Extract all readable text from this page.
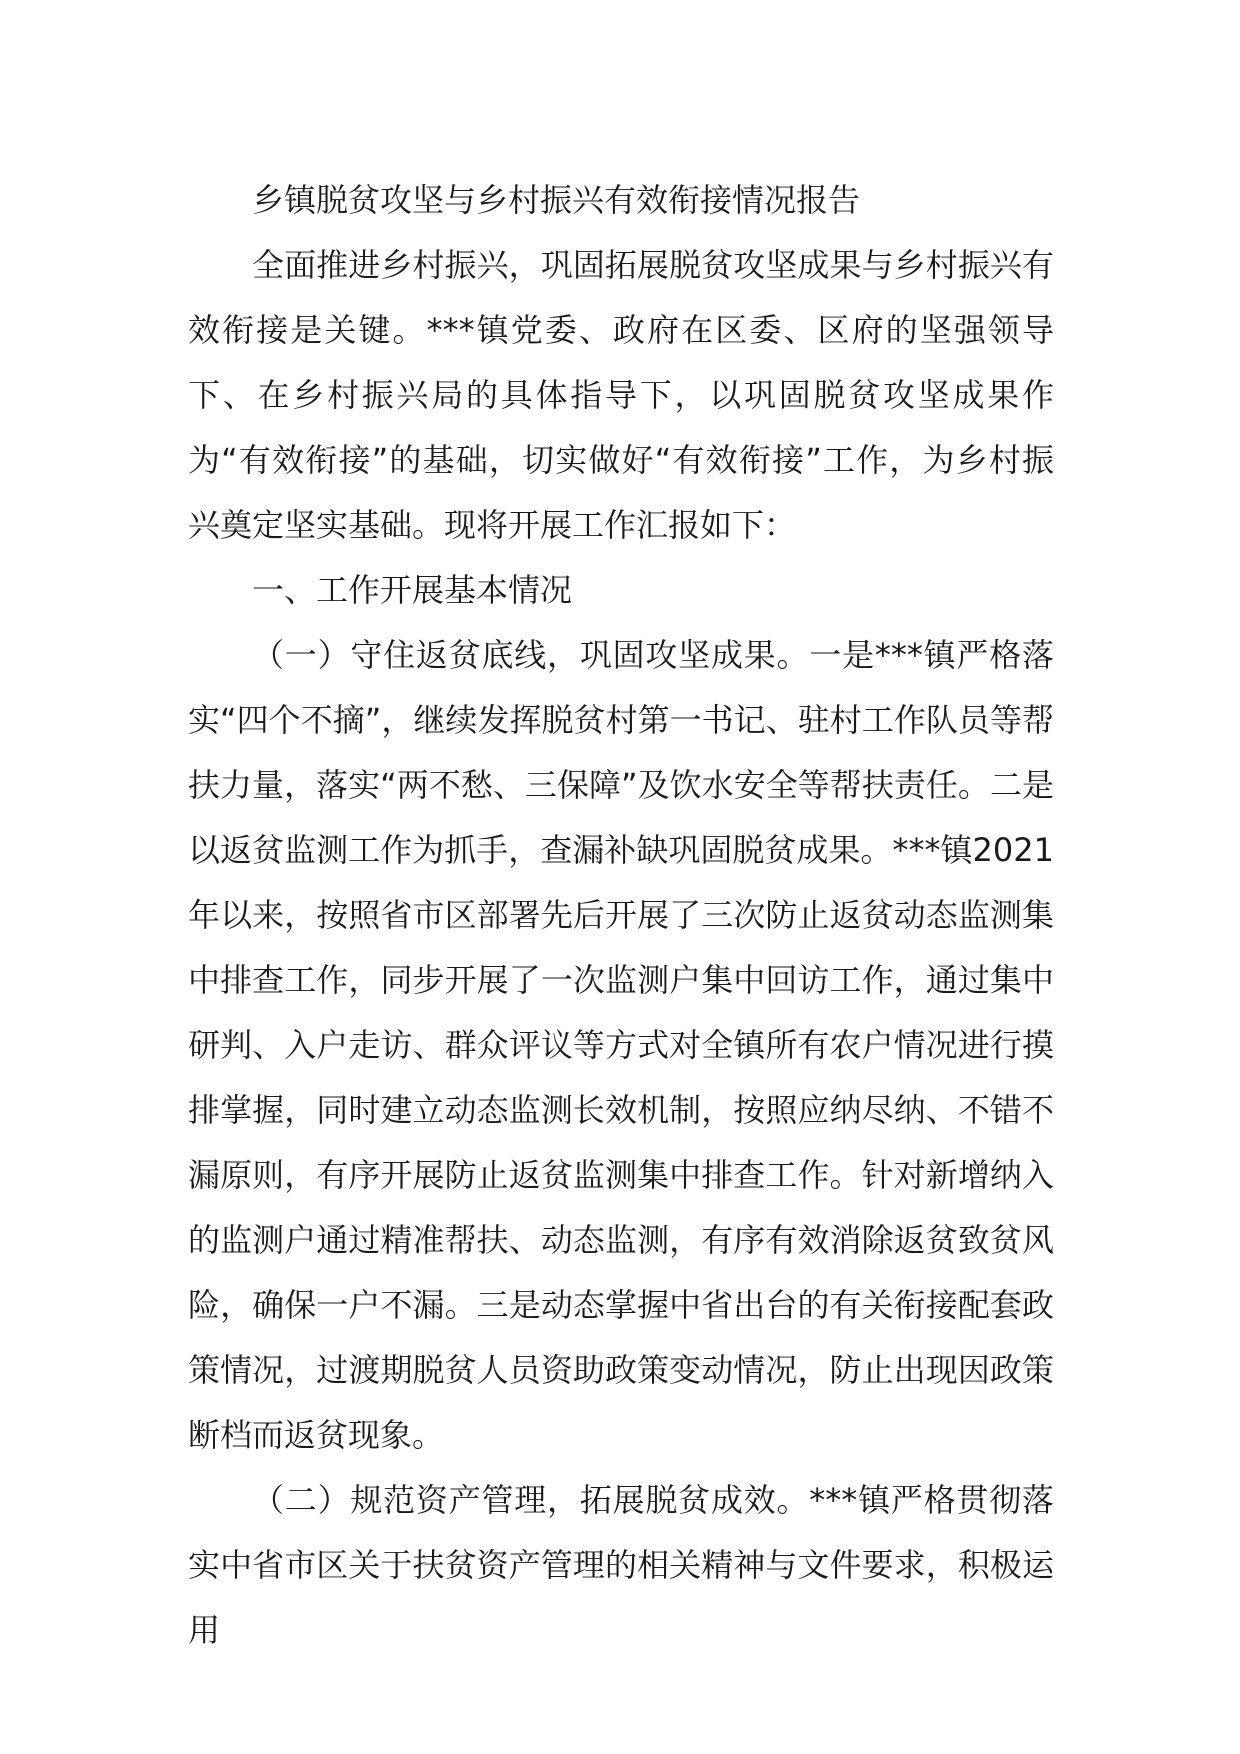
乡镇脱贫攻坚与乡村振兴有效衔接情况报告

全面推进乡村振兴，巩固拓展脱贫攻坚成果与乡村振兴有效衔接是关键。***镇党委、政府在区委、区府的坚强领导下、在乡村振兴局的具体指导下，以巩固脱贫攻坚成果作为“有效衔接”的基础，切实做好“有效衔接”工作，为乡村振兴奠定坚实基础。现将开展工作汇报如下：

一、工作开展基本情况

（一）守住返贫底线，巩固攻坚成果。一是***镇严格落实“四个不摘”，继续发挥脱贫村第一书记、驻村工作队员等帮扶力量，落实“两不愁、三保障”及饮水安全等帮扶责任。二是以返贫监测工作为抓手，查漏补缺巩固脱贫成果。***镇2021年以来，按照省市区部署先后开展了三次防止返贫动态监测集中排查工作，同步开展了一次监测户集中回访工作，通过集中研判、入户走访、群众评议等方式对全镇所有农户情况进行摸排掌握，同时建立动态监测长效机制，按照应纳尽纳、不错不漏原则，有序开展防止返贫监测集中排查工作。针对新增纳入的监测户通过精准帮扶、动态监测，有序有效消除返贫致贫风险，确保一户不漏。三是动态掌握中省出台的有关衔接配套政策情况，过渡期脱贫人员资助政策变动情况，防止出现因政策断档而返贫现象。

（二）规范资产管理，拓展脱贫成效。***镇严格贯彻落实中省市区关于扶贫资产管理的相关精神与文件要求，积极运用
